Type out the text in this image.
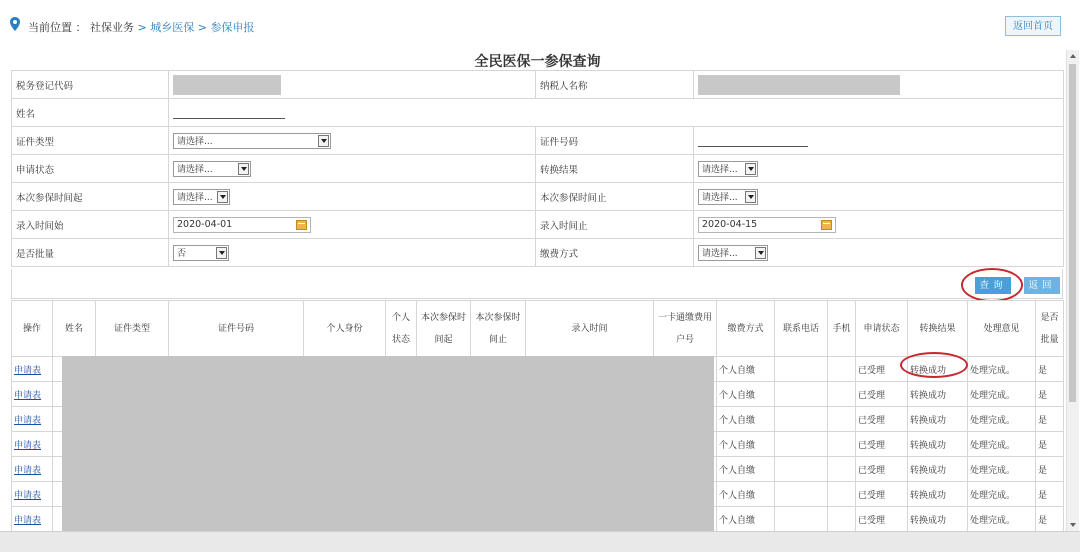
当前位置 ： 社保业务 > 城乡医保 > 参保申报	返回首页
全民医保一参保查询
税务登记代码		纳税人名称	
姓名			
证件类型	请选择...	证件号码	
申请状态	请选择...	转换结果	请选择...

本次参保时间起	请选择...	本次参保时间止	请选择...

录入时间始	2020-04-01	录入时间止	2020-04-15

是否批量	否	缴费方式	请选择...
查询	返回
操作	姓名	证件类型	证件号码	个人身份	个人状态	本次参保时间起	本次参保时间止	录入时间	一卡通缴费用户号	缴费方式	联系电话	手机	申请状态	转换结果	处理意见	是否批量
申请表										个人自缴			已受理	转换成功	处理完成。	是
申请表										个人自缴			已受理	转换成功	处理完成。	是
申请表										个人自缴			已受理	转换成功	处理完成。	是
申请表										个人自缴			已受理	转换成功	处理完成。	是
申请表										个人自缴			已受理	转换成功	处理完成。	是
申请表										个人自缴			已受理	转换成功	处理完成。	是
申请表										个人自缴			已受理	转换成功	处理完成。	是
